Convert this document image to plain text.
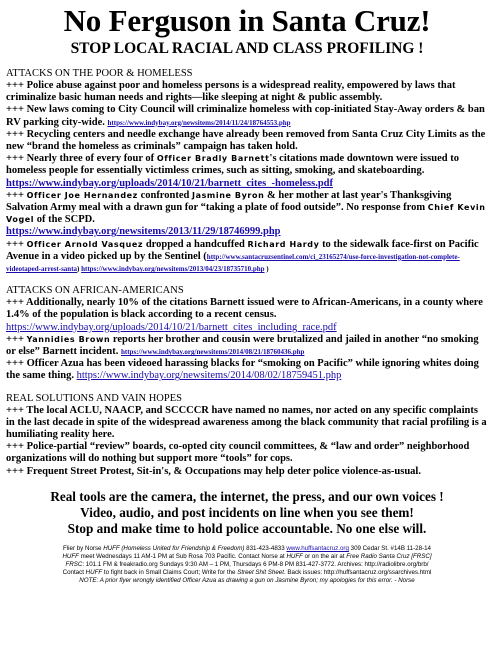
No Ferguson in Santa Cruz!
STOP LOCAL RACIAL AND CLASS PROFILING !
ATTACKS ON THE POOR & HOMELESS

+++ Police abuse against poor and homeless persons is a widespread reality, empowered by laws that criminalize basic human needs and rights—like sleeping at night & public assembly.

+++ New laws coming to City Council will criminalize homeless with cop-initiated Stay-Away orders & ban RV parking city-wide. https://www.indybay.org/newsitems/2014/11/24/18764553.php

+++ Recycling centers and needle exchange have already been removed from Santa Cruz City Limits as the new “brand the homeless as criminals” campaign has taken hold.

+++ Nearly three of every four of Officer Bradly Barnett's citations made downtown were issued to homeless people for essentially victimless crimes, such as sitting, smoking, and skateboarding. https://www.indybay.org/uploads/2014/10/21/barnett_cites_-homeless.pdf

+++ Officer Joe Hernandez confronted Jasmine Byron & her mother at last year's Thanksgiving Salvation Army meal with a drawn gun for “taking a plate of food outside”. No response from Chief Kevin Vogel of the SCPD.
https://www.indybay.org/newsitems/2013/11/29/18746999.php

+++ Officer Arnold Vasquez dropped a handcuffed Richard Hardy to the sidewalk face-first on Pacific Avenue in a video picked up by the Sentinel (http://www.santacruzsentinel.com/ci_23165274/use-force-investigation-not-complete-videotaped-arrest-santa) https://www.indybay.org/newsitems/2013/04/23/18735710.php )

ATTACKS ON AFRICAN-AMERICANS

+++ Additionally, nearly 10% of the citations Barnett issued were to African-Americans, in a county where 1.4% of the population is black according to a recent census.
https://www.indybay.org/uploads/2014/10/21/barnett_cites_including_race.pdf

+++ Yannidies Brown reports her brother and cousin were brutalized and jailed in another “no smoking or else” Barnett incident. https://www.indybay.org/newsitems/2014/08/21/18760436.php

+++ Officer Azua has been videoed harassing blacks for “smoking on Pacific” while ignoring whites doing the same thing. https://www.indybay.org/newsitems/2014/08/02/18759451.php

REAL SOLUTIONS AND VAIN HOPES

+++ The local ACLU, NAACP, and SCCCCR have named no names, nor acted on any specific complaints in the last decade in spite of the widespread awareness among the black community that racial profiling is a humiliating reality here.

+++ Police-partial “review” boards, co-opted city council committees, & “law and order” neighborhood organizations will do nothing but support more “tools” for cops.

+++ Frequent Street Protest, Sit-in's, & Occupations may help deter police violence-as-usual.

Real tools are the camera, the internet, the press, and our own voices !

Video, audio, and post incidents on line when you see them!

Stop and make time to hold police accountable. No one else will.

Flier by Norse HUFF (Homeless United for Friendship & Freedom) 831-423-4833 www.huffsantacruz.org 309 Cedar St. #14B 11-28-14

HUFF meet Wednesdays 11 AM-1 PM at Sub Rosa 703 Pacific. Contact Norse at HUFF or on the air at Free Radio Santa Cruz [FRSC]

FRSC: 101.1 FM & freakradio.org Sundays 9:30 AM – 1 PM, Thursdays 6 PM-8 PM 831-427-3772. Archives: http://radiolibre.org/brb/

Contact HUFF to fight back in Small Claims Court; Write for the Street Shit Sheet. Back issues: http://huffsantacruz.org/ssarchives.html

NOTE: A prior flyer wrongly identified Officer Azua as drawing a gun on Jasmine Byron; my apologies for this error. - Norse
